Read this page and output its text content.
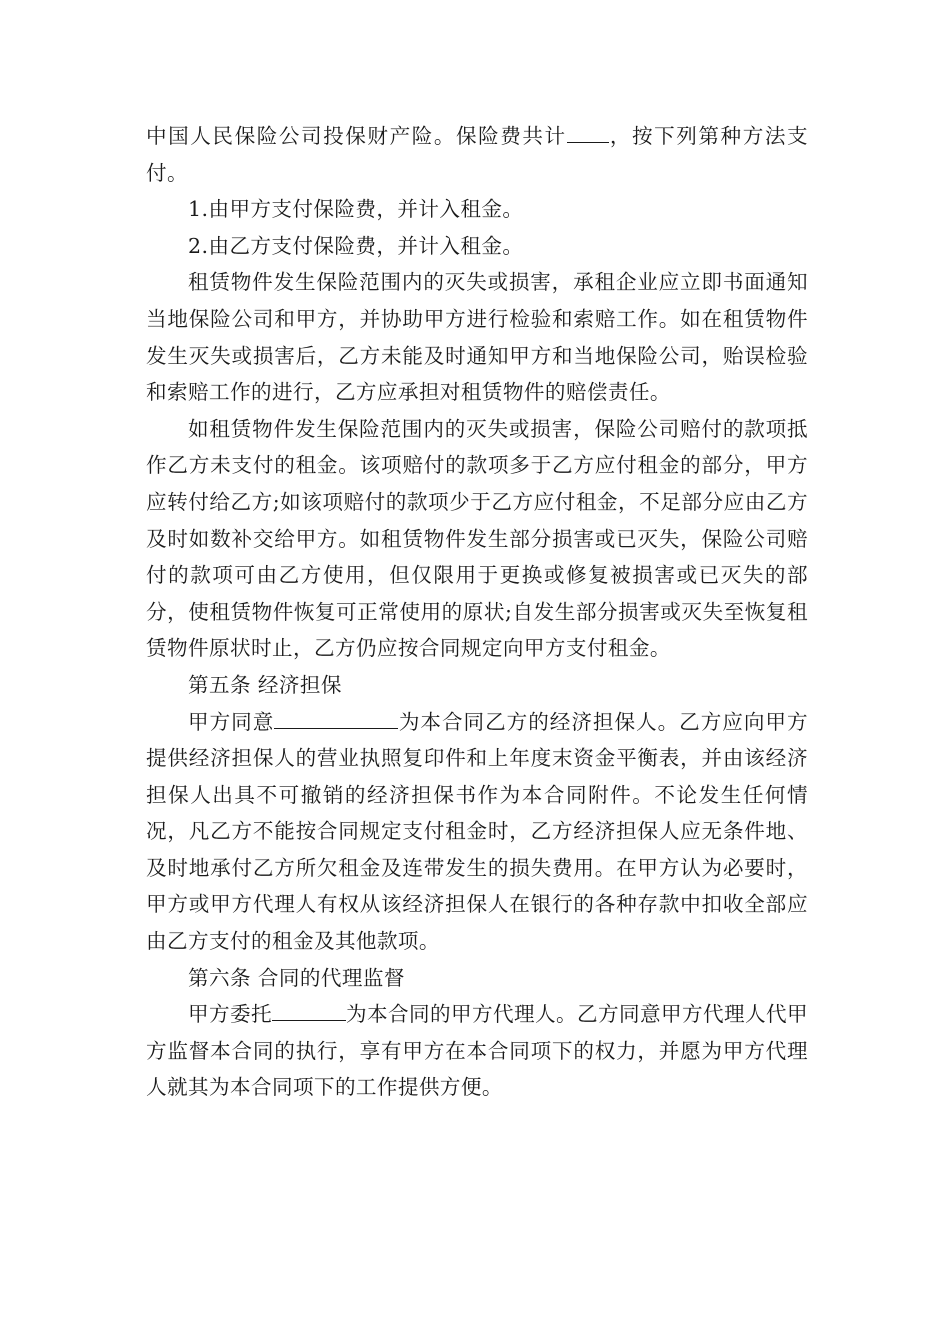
中国人民保险公司投保财产险。保险费共计 ，按下列第种方法支付。

1.由甲方支付保险费，并计入租金。

2.由乙方支付保险费，并计入租金。

租赁物件发生保险范围内的灭失或损害，承租企业应立即书面通知当地保险公司和甲方，并协助甲方进行检验和索赔工作。如在租赁物件发生灭失或损害后，乙方未能及时通知甲方和当地保险公司，贻误检验和索赔工作的进行，乙方应承担对租赁物件的赔偿责任。

如租赁物件发生保险范围内的灭失或损害，保险公司赔付的款项抵作乙方未支付的租金。该项赔付的款项多于乙方应付租金的部分，甲方应转付给乙方;如该项赔付的款项少于乙方应付租金，不足部分应由乙方及时如数补交给甲方。如租赁物件发生部分损害或已灭失，保险公司赔付的款项可由乙方使用，但仅限用于更换或修复被损害或已灭失的部分，使租赁物件恢复可正常使用的原状;自发生部分损害或灭失至恢复租赁物件原状时止，乙方仍应按合同规定向甲方支付租金。

第五条 经济担保

甲方同意	为本合同乙方的经济担保人。乙方应向甲方提供经济担保人的营业执照复印件和上年度末资金平衡表，并由该经济担保人出具不可撤销的经济担保书作为本合同附件。不论发生任何情况，凡乙方不能按合同规定支付租金时，乙方经济担保人应无条件地、及时地承付乙方所欠租金及连带发生的损失费用。在甲方认为必要时，甲方或甲方代理人有权从该经济担保人在银行的各种存款中扣收全部应由乙方支付的租金及其他款项。

第六条 合同的代理监督

甲方委托	为本合同的甲方代理人。乙方同意甲方代理人代甲方监督本合同的执行，享有甲方在本合同项下的权力，并愿为甲方代理人就其为本合同项下的工作提供方便。
